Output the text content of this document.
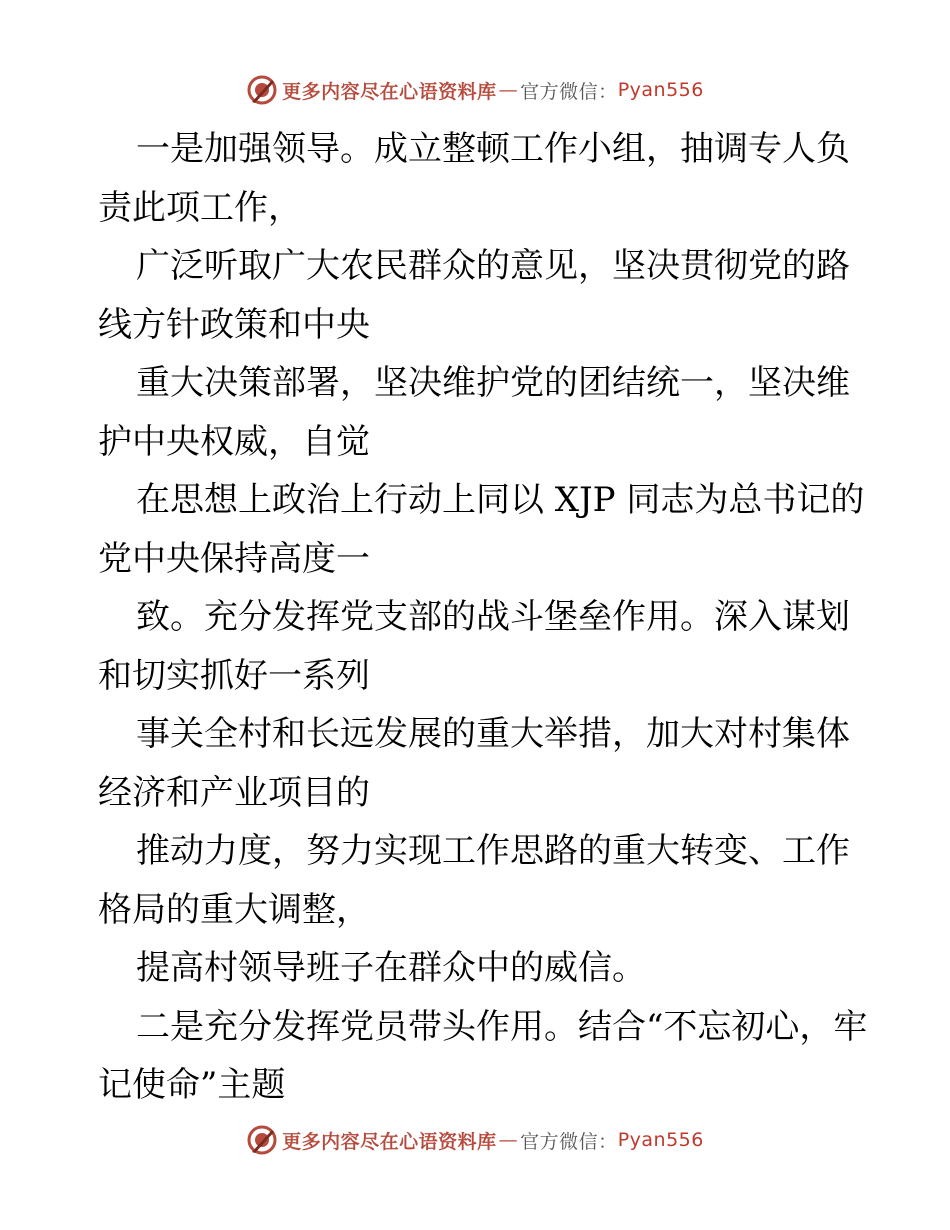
更多内容尽在心语资料库 — 官方微信： Pyan556

一是加强领导。成立整顿工作小组，抽调专人负责此项工作，

广泛听取广大农民群众的意见，坚决贯彻党的路线方针政策和中央

重大决策部署，坚决维护党的团结统一，坚决维护中央权威，自觉

在思想上政治上行动上同以 XJP 同志为总书记的党中央保持高度一

致。充分发挥党支部的战斗堡垒作用。深入谋划和切实抓好一系列

事关全村和长远发展的重大举措，加大对村集体经济和产业项目的

推动力度，努力实现工作思路的重大转变、工作格局的重大调整，

提高村领导班子在群众中的威信。

二是充分发挥党员带头作用。结合“不忘初心，牢记使命”主题

更多内容尽在心语资料库 — 官方微信： Pyan556
